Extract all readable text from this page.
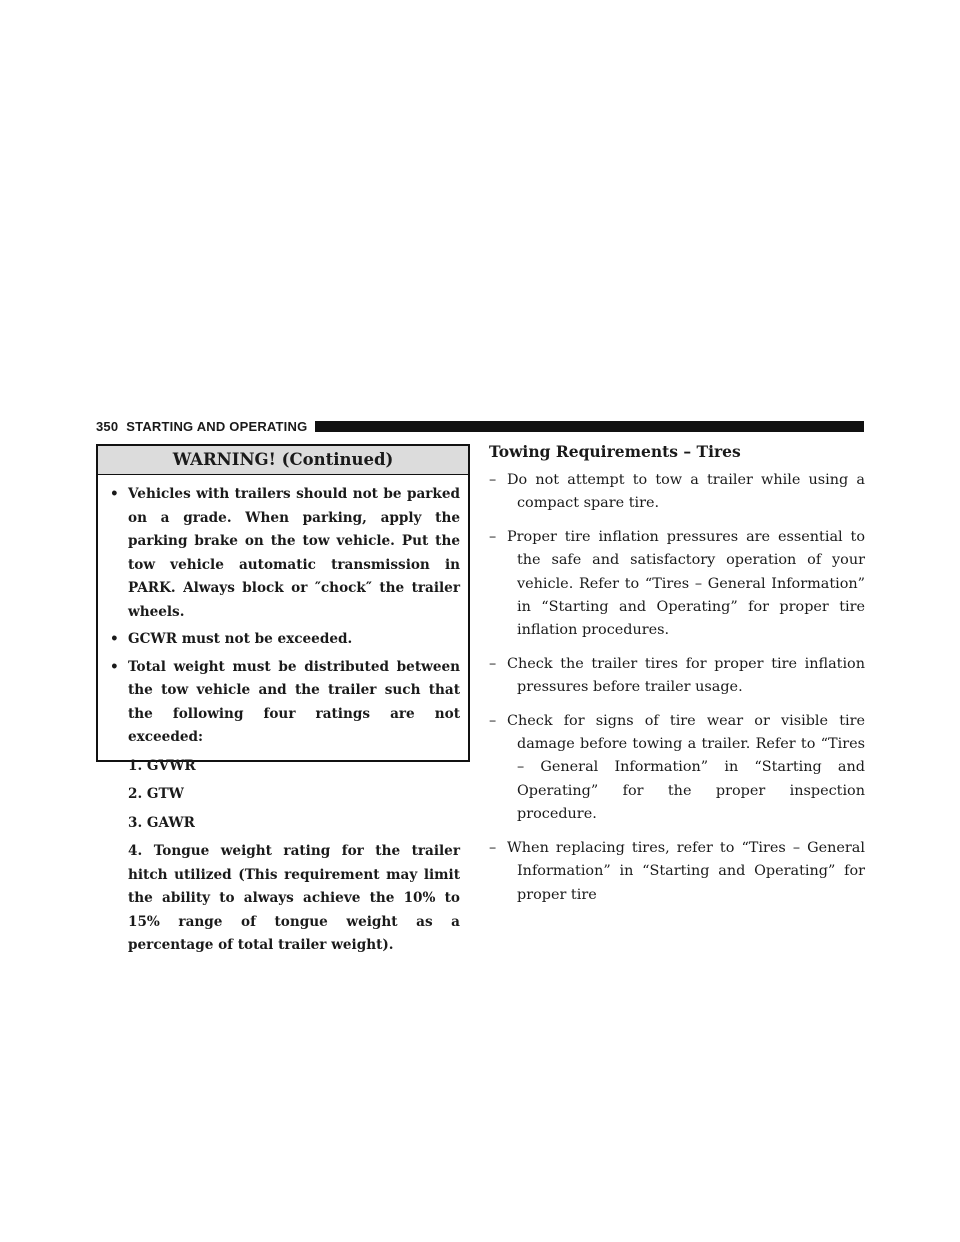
350 STARTING AND OPERATING
WARNING! (Continued)
• Vehicles with trailers should not be parked on a grade. When parking, apply the parking brake on the tow vehicle. Put the tow vehicle automatic transmission in PARK. Always block or ″chock″ the trailer wheels.
• GCWR must not be exceeded.
• Total weight must be distributed between the tow vehicle and the trailer such that the following four ratings are not exceeded:
1. GVWR
2. GTW
3. GAWR
4. Tongue weight rating for the trailer hitch utilized (This requirement may limit the ability to always achieve the 10% to 15% range of tongue weight as a percentage of total trailer weight).
Towing Requirements – Tires
– Do not attempt to tow a trailer while using a compact spare tire.
– Proper tire inflation pressures are essential to the safe and satisfactory operation of your vehicle. Refer to “Tires – General Information” in “Starting and Operating” for proper tire inflation procedures.
– Check the trailer tires for proper tire inflation pressures before trailer usage.
– Check for signs of tire wear or visible tire damage before towing a trailer. Refer to “Tires – General Information” in “Starting and Operating” for the proper inspection procedure.
– When replacing tires, refer to “Tires – General Information” in “Starting and Operating” for proper tire
